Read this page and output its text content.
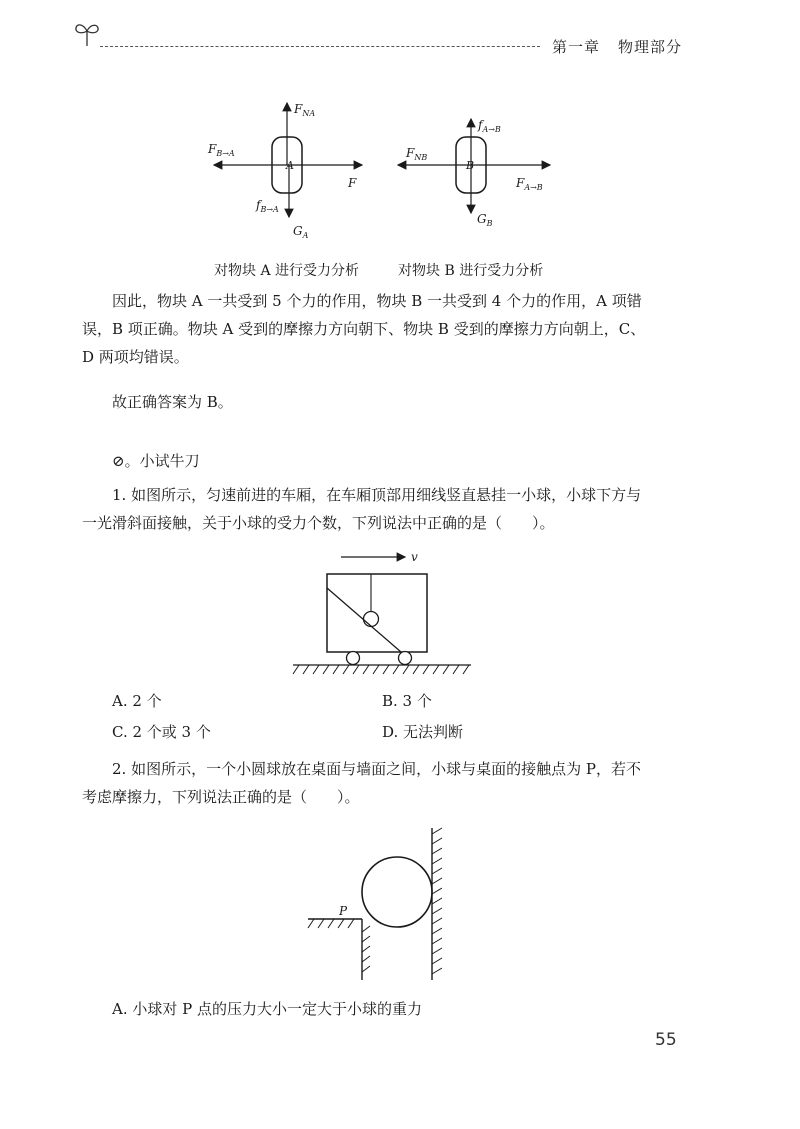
第一章 物理部分
A
$F_{NA}$
$F_{B\to A}$
F
$f_{B\to A}$
$G_A$
B
$f_{A\to B}$
$F_{NB}$
$F_{A\to B}$
$G_B$
对物块 A 进行受力分析	对物块 B 进行受力分析
因此，物块 A 一共受到 5 个力的作用，物块 B 一共受到 4 个力的作用，A 项错
误，B 项正确。物块 A 受到的摩擦力方向朝下、物块 B 受到的摩擦力方向朝上，C、
D 两项均错误。
故正确答案为 B。
⊘。小试牛刀
1. 如图所示，匀速前进的车厢，在车厢顶部用细线竖直悬挂一小球，小球下方与
一光滑斜面接触，关于小球的受力个数，下列说法中正确的是（　　）。
v
A. 2 个	B. 3 个
C. 2 个或 3 个	D. 无法判断
2. 如图所示，一个小圆球放在桌面与墙面之间，小球与桌面的接触点为 P，若不
考虑摩擦力，下列说法正确的是（　　）。
P
A. 小球对 P 点的压力大小一定大于小球的重力
55
